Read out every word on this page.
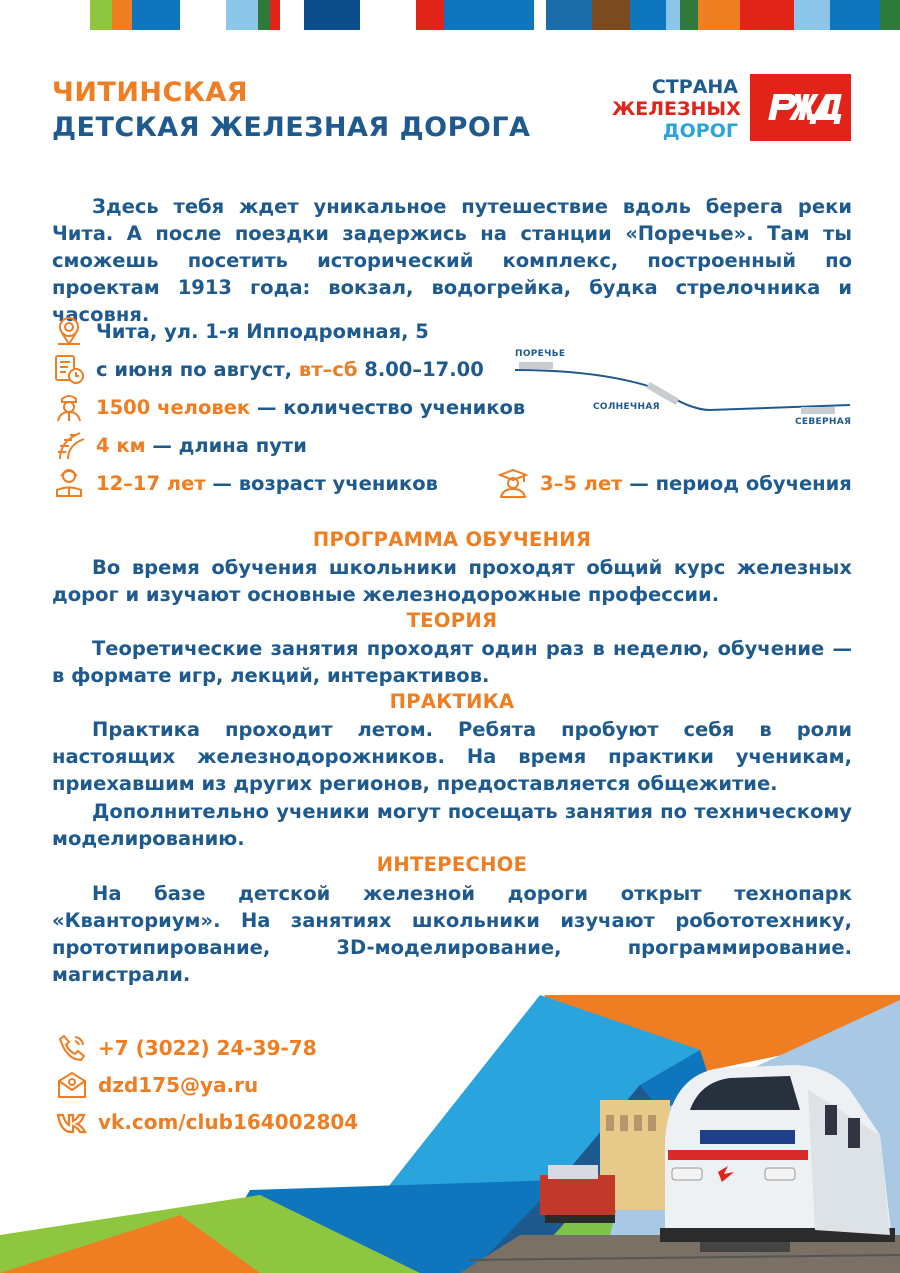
ЧИТИНСКАЯ
ДЕТСКАЯ ЖЕЛЕЗНАЯ ДОРОГА
СТРАНА
ЖЕЛЕЗНЫХ
ДОРОГ

Здесь тебя ждет уникальное путешествие вдоль берега реки Чита. А после поездки задержись на станции «Поречье». Там ты сможешь посетить исторический комплекс, построенный по проектам 1913 года: вокзал, водогрейка, будка стрелочника и часовня.

Чита, ул. 1-я Ипподромная, 5
с июня по август,
вт–сб
8.00–17.00
1500 человек
— количество учеников
4 км
— длина пути
12–17 лет
— возраст учеников	3–5 лет
— период обучения
ПОРЕЧЬЕ
СОЛНЕЧНАЯ
СЕВЕРНАЯ
ПРОГРАММА ОБУЧЕНИЯ

Во время обучения школьники проходят общий курс железных дорог и изучают основные железнодорожные профессии.

ТЕОРИЯ

Теоретические занятия проходят один раз в неделю, обучение — в формате игр, лекций, интерактивов.

ПРАКТИКА

Практика проходит летом. Ребята пробуют себя в роли настоящих железнодорожников. На время практики ученикам, приехавшим из других регионов, предоставляется общежитие.

Дополнительно ученики могут посещать занятия по техническому моделированию.

ИНТЕРЕСНОЕ

На базе детской железной дороги открыт технопарк «Кванториум». На занятиях школьники изучают робототехнику, прототипирование, 3D-моделирование, программирование. магистрали.

+7 (3022) 24-39-78
dzd175@ya.ru
vk.com/club164002804
